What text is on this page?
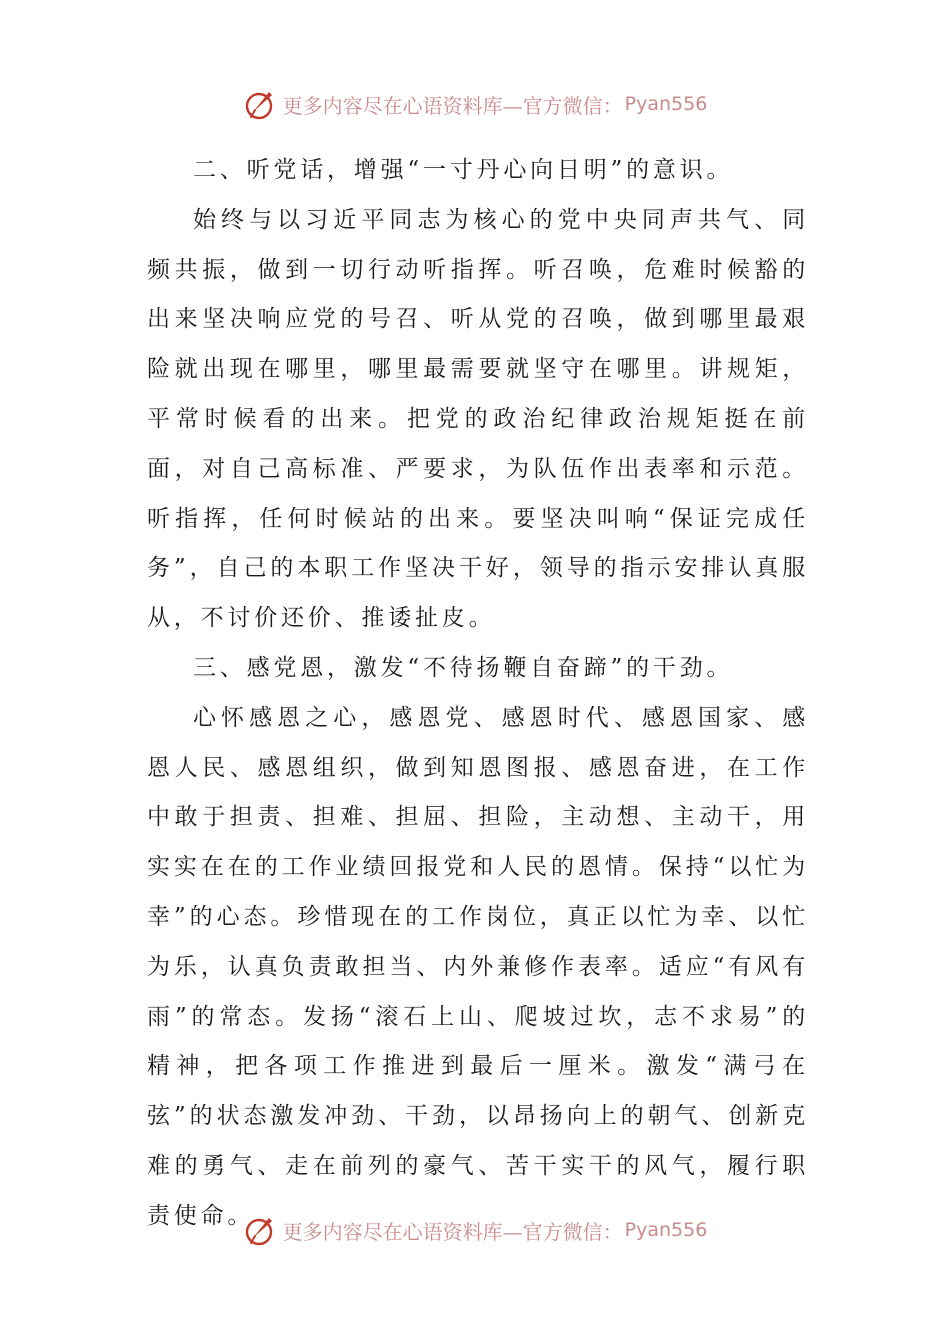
更多内容尽在心语资料库—官方微信： Pyan556

二、听党话，增强“一寸丹心向日明”的意识。

始终与以习近平同志为核心的党中央同声共气、同频共振，做到一切行动听指挥。听召唤，危难时候豁的出来坚决响应党的号召、听从党的召唤，做到哪里最艰险就出现在哪里，哪里最需要就坚守在哪里。讲规矩，平常时候看的出来。把党的政治纪律政治规矩挺在前面，对自己高标准、严要求，为队伍作出表率和示范。听指挥，任何时候站的出来。要坚决叫响“保证完成任务”，自己的本职工作坚决干好，领导的指示安排认真服从，不讨价还价、推诿扯皮。

三、感党恩，激发“不待扬鞭自奋蹄”的干劲。

心怀感恩之心，感恩党、感恩时代、感恩国家、感恩人民、感恩组织，做到知恩图报、感恩奋进，在工作中敢于担责、担难、担屈、担险，主动想、主动干，用实实在在的工作业绩回报党和人民的恩情。保持“以忙为幸”的心态。珍惜现在的工作岗位，真正以忙为幸、以忙为乐，认真负责敢担当、内外兼修作表率。适应“有风有雨”的常态。发扬“滚石上山、爬坡过坎，志不求易”的精神，把各项工作推进到最后一厘米。激发“满弓在弦”的状态激发冲劲、干劲，以昂扬向上的朝气、创新克难的勇气、走在前列的豪气、苦干实干的风气，履行职责使命。

更多内容尽在心语资料库—官方微信： Pyan556
